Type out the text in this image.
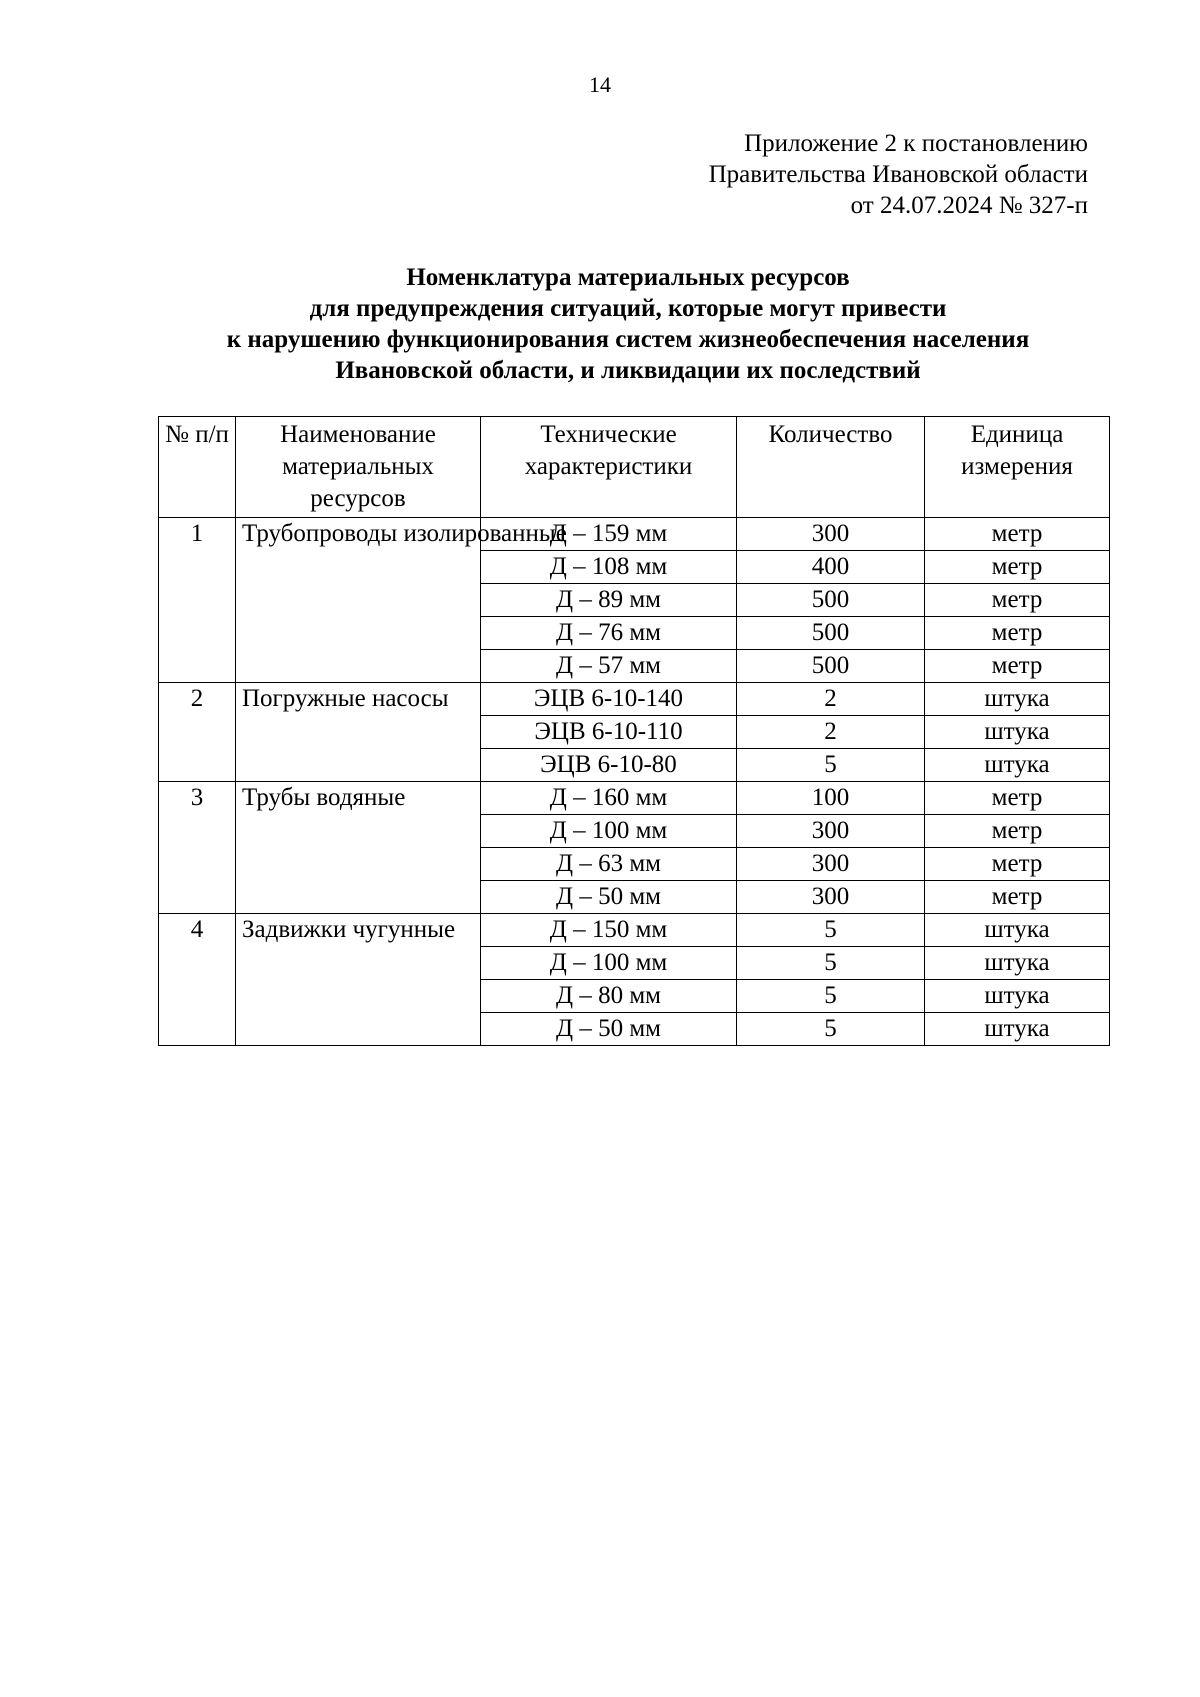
14
Приложение 2 к постановлению
Правительства Ивановской области
от 24.07.2024 № 327-п
Номенклатура материальных ресурсов
для предупреждения ситуаций, которые могут привести
к нарушению функционирования систем жизнеобеспечения населения
Ивановской области, и ликвидации их последствий
№ п/п	Наименование материальных ресурсов	Технические характеристики	Количество	Единица измерения
1	Трубопроводы изолированные	Д – 159 мм	300	метр
		Д – 108 мм	400	метр
		Д – 89 мм	500	метр
		Д – 76 мм	500	метр
		Д – 57 мм	500	метр
2	Погружные насосы	ЭЦВ 6-10-140	2	штука
		ЭЦВ 6-10-110	2	штука
		ЭЦВ 6-10-80	5	штука
3	Трубы водяные	Д – 160 мм	100	метр
		Д – 100 мм	300	метр
		Д – 63 мм	300	метр
		Д – 50 мм	300	метр
4	Задвижки чугунные	Д – 150 мм	5	штука
		Д – 100 мм	5	штука
		Д – 80 мм	5	штука
		Д – 50 мм	5	штука
